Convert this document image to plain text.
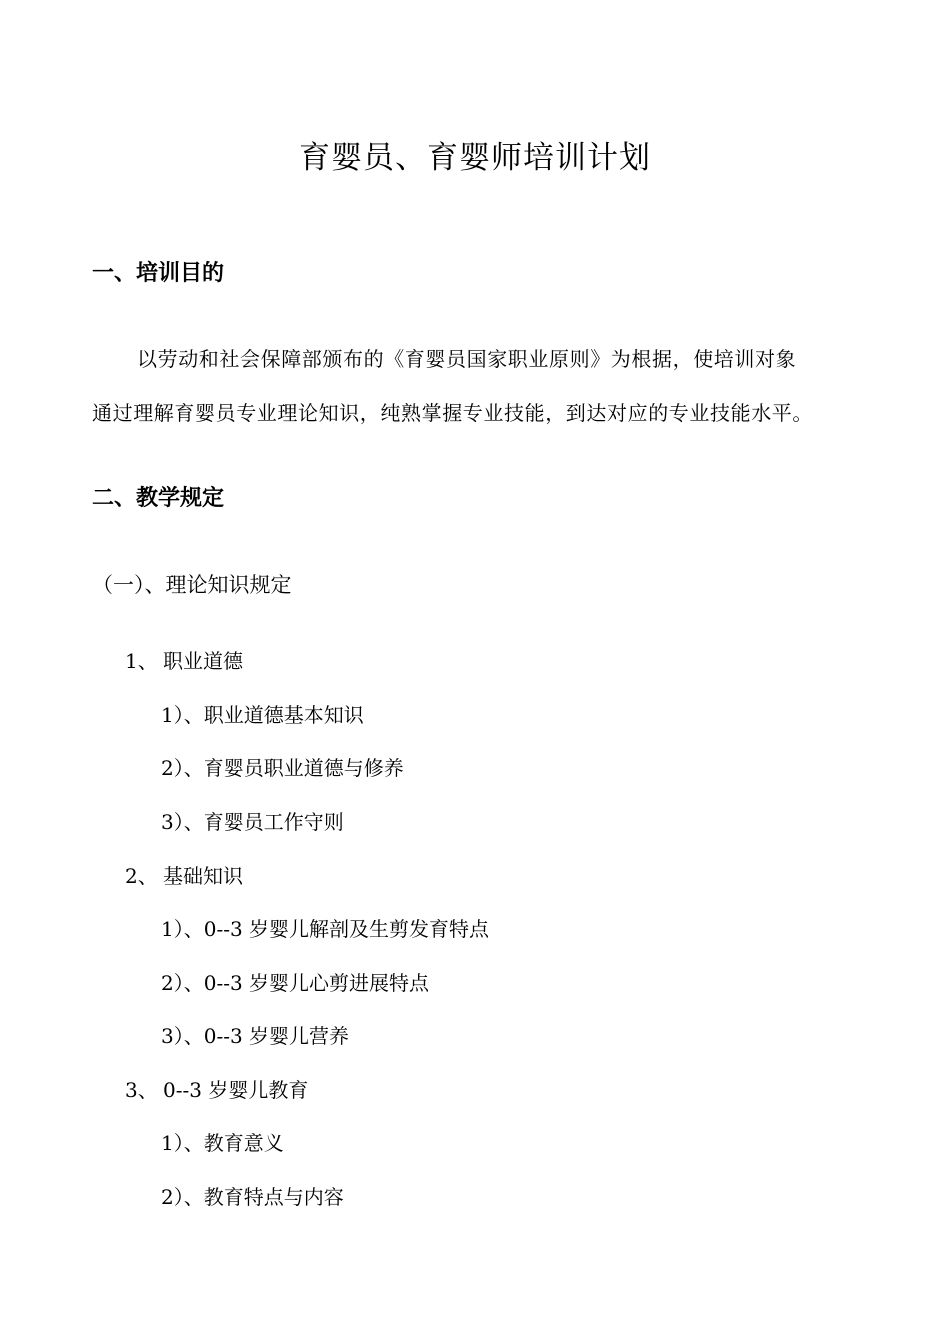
育婴员、育婴师培训计划
一、培训目的
以劳动和社会保障部颁布的《育婴员国家职业原则》为根据，使培训对象
通过理解育婴员专业理论知识，纯熟掌握专业技能，到达对应的专业技能水平。
二、教学规定
（一）、理论知识规定
1、 职业道德
1）、职业道德基本知识
2）、育婴员职业道德与修养
3）、育婴员工作守则
2、 基础知识
1）、0--3 岁婴儿解剖及生剪发育特点
2）、0--3 岁婴儿心剪进展特点
3）、0--3 岁婴儿营养
3、 0--3 岁婴儿教育
1）、教育意义
2）、教育特点与内容
